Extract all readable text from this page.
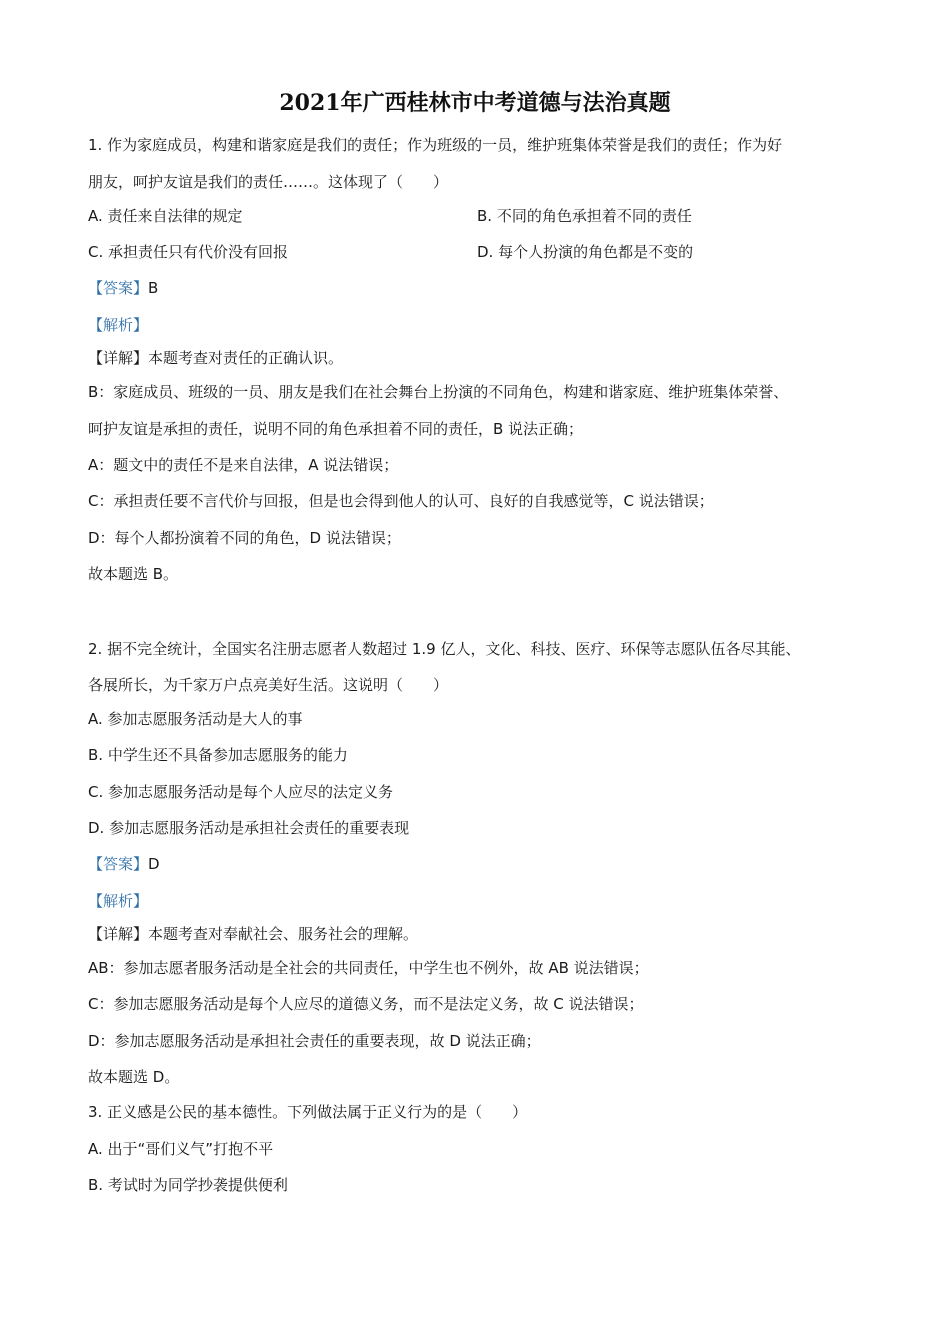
2021年广西桂林市中考道德与法治真题
1. 作为家庭成员，构建和谐家庭是我们的责任；作为班级的一员，维护班集体荣誉是我们的责任；作为好
朋友，呵护友谊是我们的责任……。这体现了（　　）
A. 责任来自法律的规定	B. 不同的角色承担着不同的责任
C. 承担责任只有代价没有回报	D. 每个人扮演的角色都是不变的
【答案】B
【解析】
【详解】本题考查对责任的正确认识。
B：家庭成员、班级的一员、朋友是我们在社会舞台上扮演的不同角色，构建和谐家庭、维护班集体荣誉、
呵护友谊是承担的责任，说明不同的角色承担着不同的责任，B 说法正确；
A：题文中的责任不是来自法律，A 说法错误；
C：承担责任要不言代价与回报，但是也会得到他人的认可、良好的自我感觉等，C 说法错误；
D：每个人都扮演着不同的角色，D 说法错误；
故本题选 B。
2. 据不完全统计，全国实名注册志愿者人数超过 1.9 亿人，文化、科技、医疗、环保等志愿队伍各尽其能、
各展所长，为千家万户点亮美好生活。这说明（　　）
A. 参加志愿服务活动是大人的事
B. 中学生还不具备参加志愿服务的能力
C. 参加志愿服务活动是每个人应尽的法定义务
D. 参加志愿服务活动是承担社会责任的重要表现
【答案】D
【解析】
【详解】本题考查对奉献社会、服务社会的理解。
AB：参加志愿者服务活动是全社会的共同责任，中学生也不例外，故 AB 说法错误；
C：参加志愿服务活动是每个人应尽的道德义务，而不是法定义务，故 C 说法错误；
D：参加志愿服务活动是承担社会责任的重要表现，故 D 说法正确；
故本题选 D。
3. 正义感是公民的基本德性。下列做法属于正义行为的是（　　）
A. 出于“哥们义气”打抱不平
B. 考试时为同学抄袭提供便利
